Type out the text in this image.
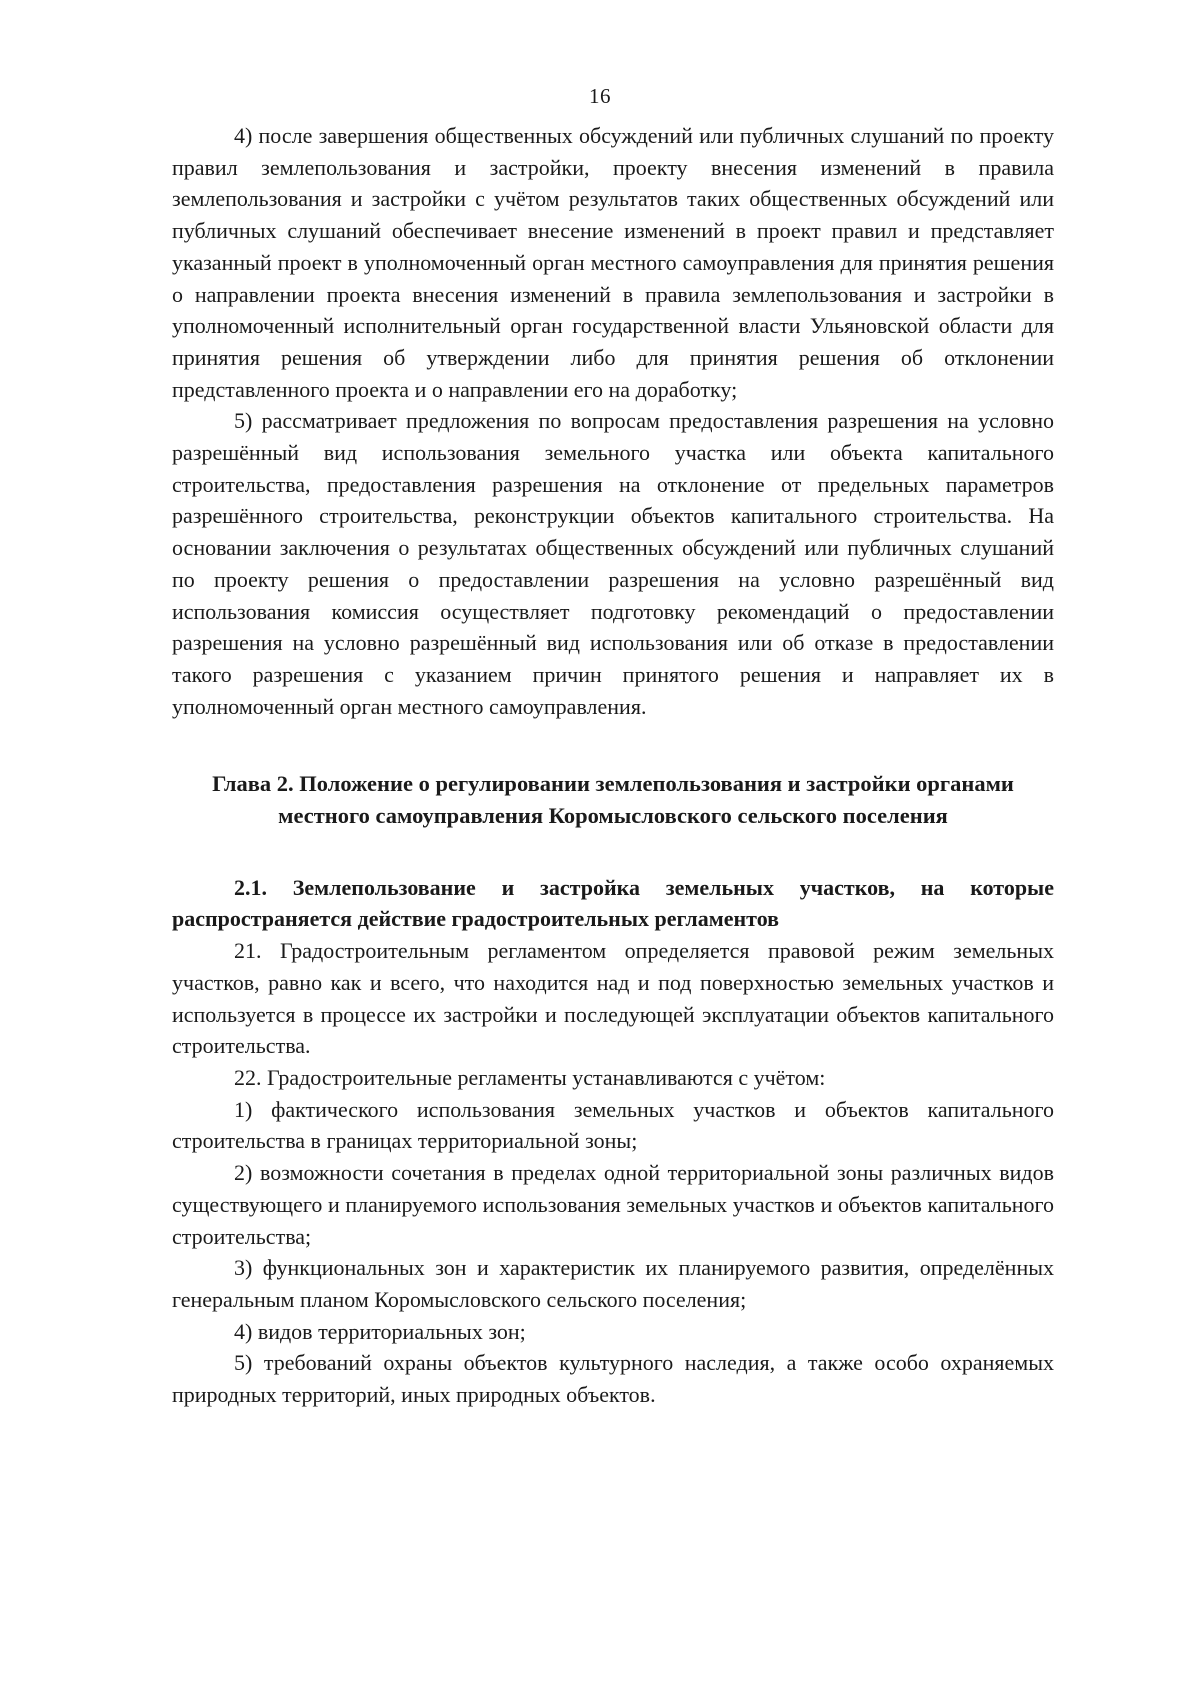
16

4) после завершения общественных обсуждений или публичных слушаний по проекту правил землепользования и застройки, проекту внесения изменений в правила землепользования и застройки с учётом результатов таких общественных обсуждений или публичных слушаний обеспечивает внесение изменений в проект правил и представляет указанный проект в уполномоченный орган местного самоуправления для принятия решения о направлении проекта внесения изменений в правила землепользования и застройки в уполномоченный исполнительный орган государственной власти Ульяновской области для принятия решения об утверждении либо для принятия решения об отклонении представленного проекта и о направлении его на доработку;

5) рассматривает предложения по вопросам предоставления разрешения на условно разрешённый вид использования земельного участка или объекта капитального строительства, предоставления разрешения на отклонение от предельных параметров разрешённого строительства, реконструкции объектов капитального строительства. На основании заключения о результатах общественных обсуждений или публичных слушаний по проекту решения о предоставлении разрешения на условно разрешённый вид использования комиссия осуществляет подготовку рекомендаций о предоставлении разрешения на условно разрешённый вид использования или об отказе в предоставлении такого разрешения с указанием причин принятого решения и направляет их в уполномоченный орган местного самоуправления.

Глава 2. Положение о регулировании землепользования и застройки органами местного самоуправления Коромысловского сельского поселения
2.1. Землепользование и застройка земельных участков, на которые распространяется действие градостроительных регламентов

21. Градостроительным регламентом определяется правовой режим земельных участков, равно как и всего, что находится над и под поверхностью земельных участков и используется в процессе их застройки и последующей эксплуатации объектов капитального строительства.

22. Градостроительные регламенты устанавливаются с учётом:

1) фактического использования земельных участков и объектов капитального строительства в границах территориальной зоны;

2) возможности сочетания в пределах одной территориальной зоны различных видов существующего и планируемого использования земельных участков и объектов капитального строительства;

3) функциональных зон и характеристик их планируемого развития, определённых генеральным планом Коромысловского сельского поселения;

4) видов территориальных зон;

5) требований охраны объектов культурного наследия, а также особо охраняемых природных территорий, иных природных объектов.
